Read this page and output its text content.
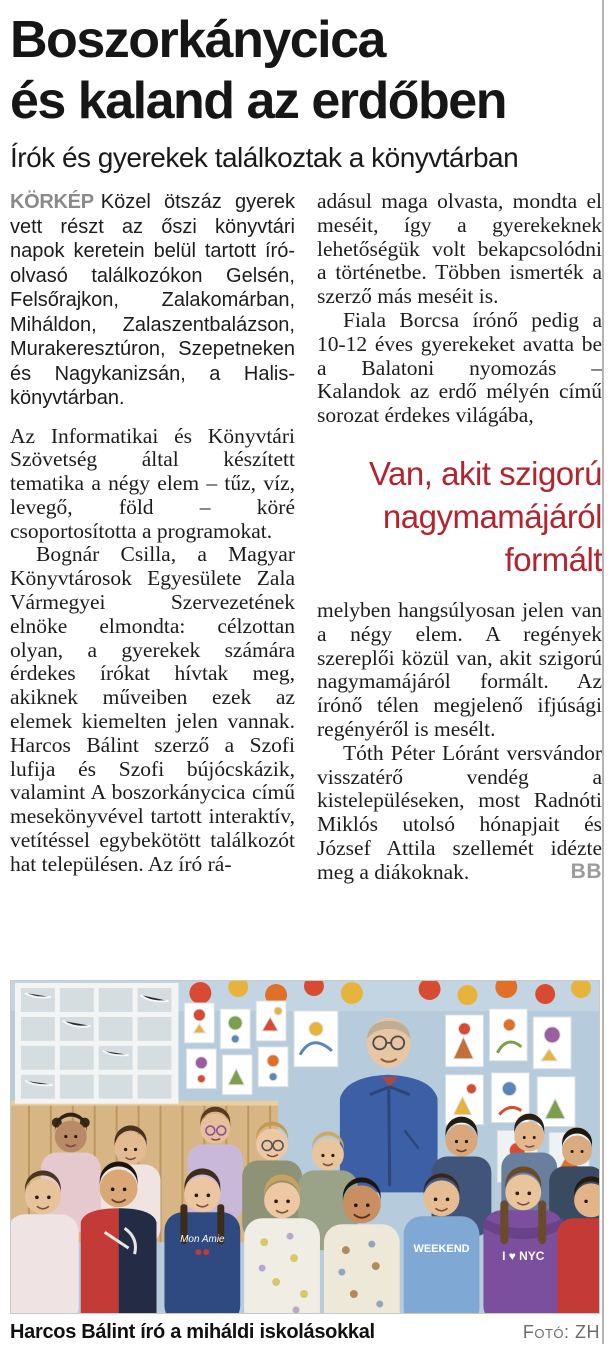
Boszorkánycica
és kaland az erdőben
Írók és gyerekek találkoztak a könyvtárban

KÖRKÉP Közel ötszáz gyerek vett részt az őszi könyvtári napok keretein belül tartott író-olvasó találkozókon Gelsén, Felsőrajkon, Zalakomárban, Miháldon, Zalaszentbalázson, Murakeresztúron, Szepetneken és Nagykanizsán, a Halis-könyvtárban.

Az Informatikai és Könyvtári Szövetség által készített tematika a négy elem – tűz, víz, levegő, föld – köré csoportosította a programokat.

Bognár Csilla, a Magyar Könyvtárosok Egyesülete Zala Vármegyei Szervezetének elnöke elmondta: célzottan olyan, a gyerekek számára érdekes írókat hívtak meg, akiknek műveiben ezek az elemek kiemelten jelen vannak. Harcos Bálint szerző a Szofi lufija és Szofi bújócskázik, valamint A boszorkánycica című mesekönyvével tartott interaktív, vetítéssel egybekötött találkozót hat településen. Az író rá-

adásul maga olvasta, mondta el meséit, így a gyerekeknek lehetőségük volt bekapcsolódni a történetbe. Többen ismerték a szerző más meséit is.

Fiala Borcsa írónő pedig a 10-12 éves gyerekeket avatta be a Balatoni nyomozás – Kalandok az erdő mélyén című sorozat érdekes világába,

Van, akit szigorú nagymamájáról formált

melyben hangsúlyosan jelen van a négy elem. A regények szereplői közül van, akit szigorú nagymamájáról formált. Az írónő télen megjelenő ifjúsági regényéről is mesélt.

Tóth Péter Lóránt versvándor visszatérő vendég a kistelepüléseken, most Radnóti Miklós utolsó hónapjait és József Attila szellemét idézte meg a diákoknak.	BB

Mon Amie
WEEKEND	I ♥ NYC
Harcos Bálint író a miháldi iskolásokkal	Fotó: ZH
